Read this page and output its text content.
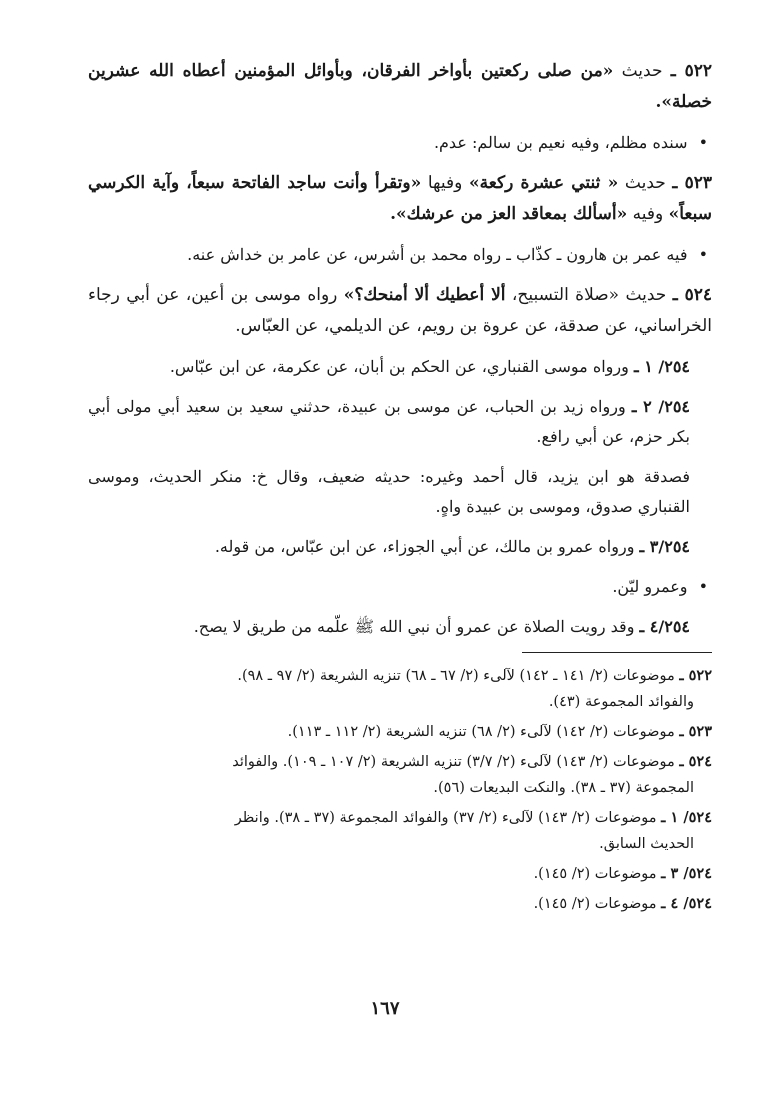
٥٢٢ ـ حديث «من صلى ركعتين بأواخر الفرقان، وبأوائل المؤمنين أعطاه الله عشرين خصلة».

• سنده مظلم، وفيه نعيم بن سالم: عدم.

٥٢٣ ـ حديث « ثنتي عشرة ركعة» وفيها «وتقرأ وأنت ساجد الفاتحة سبعاً، وآية الكرسي سبعاً» وفيه «أسألك بمعاقد العز من عرشك».

• فيه عمر بن هارون ـ كذّاب ـ رواه محمد بن أشرس، عن عامر بن خداش عنه.

٥٢٤ ـ حديث «صلاة التسبيح، ألا أعطيك ألا أمنحك؟» رواه موسى بن أعين، عن أبي رجاء الخراساني، عن صدقة، عن عروة بن رويم، عن الديلمي، عن العبّاس.

٢٥٤/ ١ ـ ورواه موسى القنباري، عن الحكم بن أبان، عن عكرمة، عن ابن عبّاس.

٢٥٤/ ٢ ـ ورواه زيد بن الحباب، عن موسى بن عبيدة، حدثني سعيد بن سعيد أبي مولى أبي بكر حزم، عن أبي رافع.

فصدقة هو ابن يزيد، قال أحمد وغيره: حديثه ضعيف، وقال خ: منكر الحديث، وموسى القنباري صدوق، وموسى بن عبيدة واهٍ.

٣/٢٥٤ ـ ورواه عمرو بن مالك، عن أبي الجوزاء، عن ابن عبّاس، من قوله.

• وعمرو ليّن.

٤/٢٥٤ ـ وقد رويت الصلاة عن عمرو أن نبي الله ﷺ علّمه من طريق لا يصح.

٥٢٢ ـ موضوعات (٢/ ١٤١ ـ ١٤٢) لآلىء (٢/ ٦٧ ـ ٦٨) تنزيه الشريعة (٢/ ٩٧ ـ ٩٨).
والفوائد المجموعة (٤٣).

٥٢٣ ـ موضوعات (٢/ ١٤٢) لآلىء (٢/ ٦٨) تنزيه الشريعة (٢/ ١١٢ ـ ١١٣).

٥٢٤ ـ موضوعات (٢/ ١٤٣) لآلىء (٢/ ٣/٧) تنزيه الشريعة (٢/ ١٠٧ ـ ١٠٩). والفوائد
المجموعة (٣٧ ـ ٣٨). والنكت البديعات (٥٦).

٥٢٤/ ١ ـ موضوعات (٢/ ١٤٣) لآلىء (٢/ ٣٧) والفوائد المجموعة (٣٧ ـ ٣٨). وانظر
الحديث السابق.

٥٢٤/ ٣ ـ موضوعات (٢/ ١٤٥).

٥٢٤/ ٤ ـ موضوعات (٢/ ١٤٥).

١٦٧
